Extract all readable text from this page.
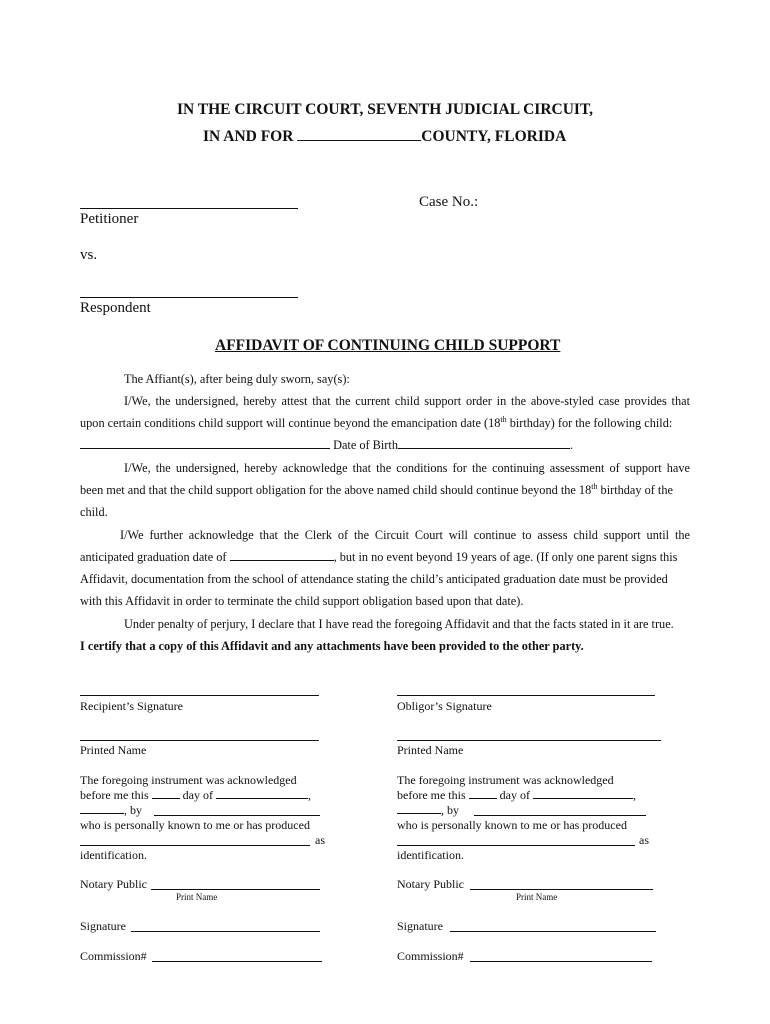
IN THE CIRCUIT COURT, SEVENTH JUDICIAL CIRCUIT,
IN AND FOR	COUNTY, FLORIDA
Case No.:
Petitioner
vs.
Respondent
AFFIDAVIT OF CONTINUING CHILD SUPPORT
The Affiant(s), after being duly sworn, say(s):
I/We, the undersigned, hereby attest that the current child support order in the above-styled case provides that
upon certain conditions child support will continue beyond the emancipation date (18th birthday) for the following child:
Date of Birth	.
I/We, the undersigned, hereby acknowledge that the conditions for the continuing assessment of support have
been met and that the child support obligation for the above named child should continue beyond the 18th birthday of the
child.
I/We further acknowledge that the Clerk of the Circuit Court will continue to assess child support until the
anticipated graduation date of	, but in no event beyond 19 years of age. (If only one parent signs this
Affidavit, documentation from the school of attendance stating the child’s anticipated graduation date must be provided
with this Affidavit in order to terminate the child support obligation based upon that date).
Under penalty of perjury, I declare that I have read the foregoing Affidavit and that the facts stated in it are true.
I certify that a copy of this Affidavit and any attachments have been provided to the other party.
Recipient’s Signature
Printed Name
The foregoing instrument was acknowledged
before me this  day of	,
, by
who is personally known to me or has produced
as
identification.
Notary Public
Print Name
Signature
Commission#
Obligor’s Signature
Printed Name
The foregoing instrument was acknowledged
before me this  day of	,
, by
who is personally known to me or has produced
as
identification.
Notary Public
Print Name
Signature
Commission#
